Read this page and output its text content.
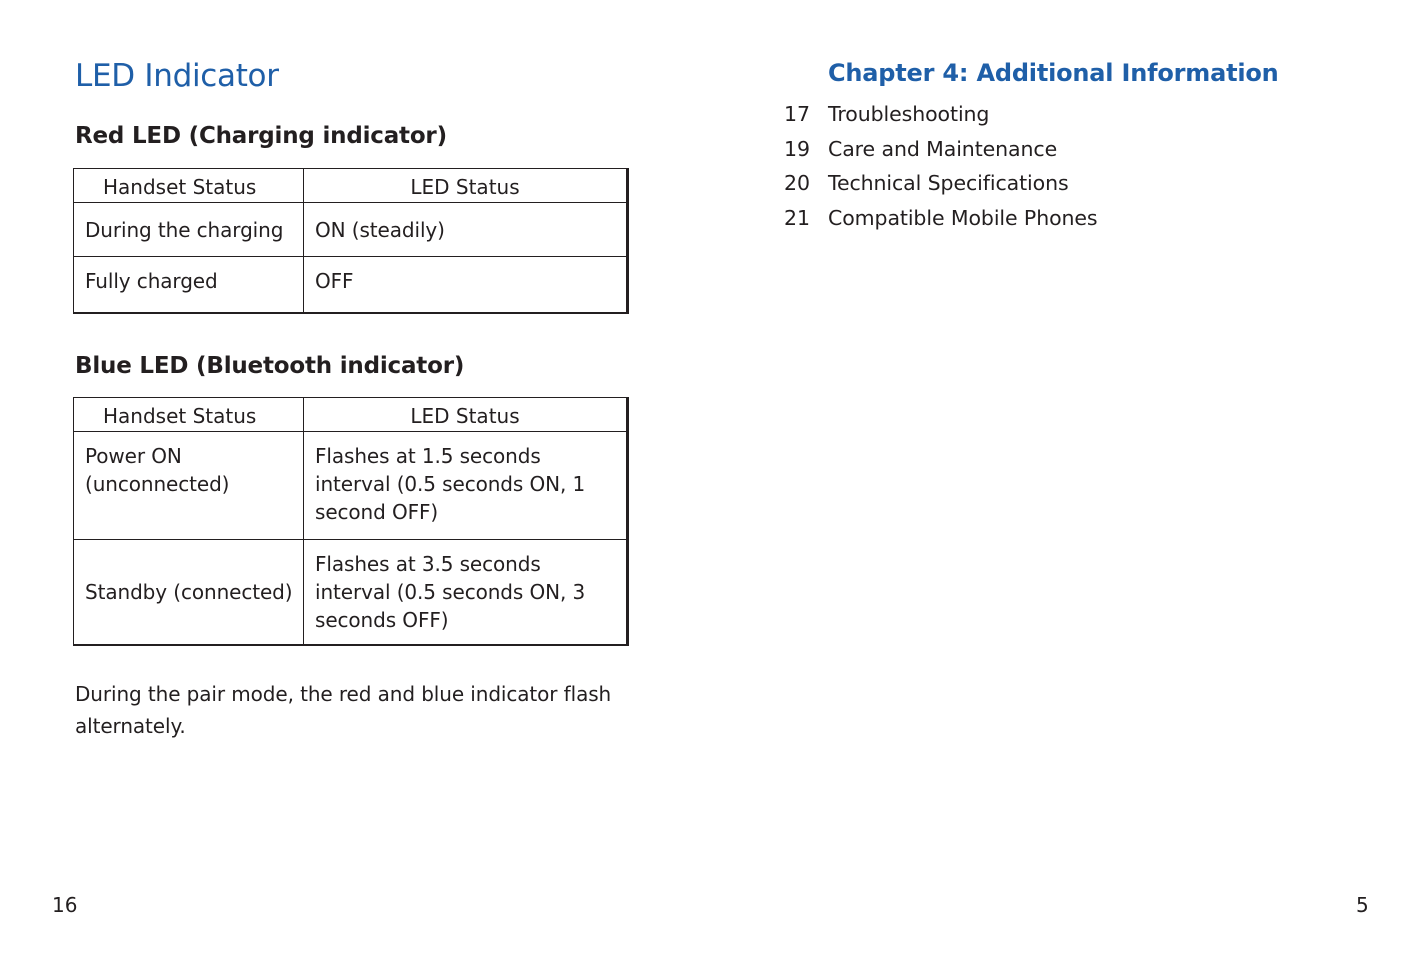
LED Indicator
Red LED (Charging indicator)
Handset Status	LED Status
During the charging	ON (steadily)
Fully charged	OFF
Blue LED (Bluetooth indicator)
Handset Status	LED Status
Power ON (unconnected)	Flashes at 1.5 seconds interval (0.5 seconds ON, 1 second OFF)
Standby (connected)	Flashes at 3.5 seconds interval (0.5 seconds ON, 3 seconds OFF)

During the pair mode, the red and blue indicator flash alternately.

16
Chapter 4: Additional Information
17 Troubleshooting
19 Care and Maintenance
20 Technical Specifications
21 Compatible Mobile Phones
5
